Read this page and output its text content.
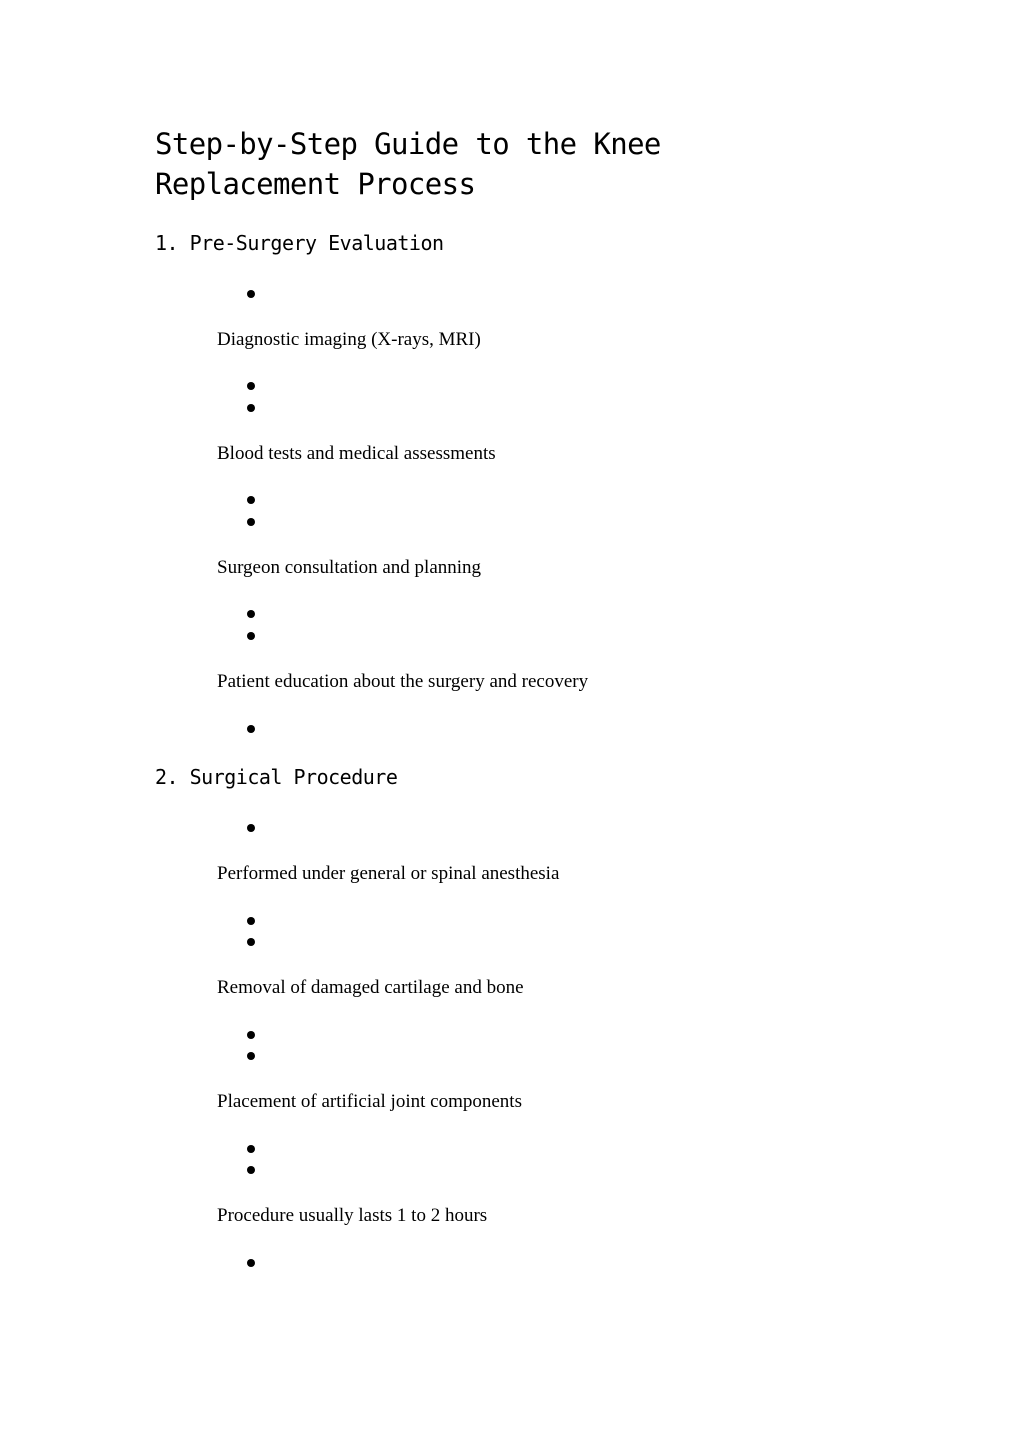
Step-by-Step Guide to the Knee Replacement Process
1. Pre-Surgery Evaluation

Diagnostic imaging (X-rays, MRI)

Blood tests and medical assessments

Surgeon consultation and planning

Patient education about the surgery and recovery

2. Surgical Procedure

Performed under general or spinal anesthesia

Removal of damaged cartilage and bone

Placement of artificial joint components

Procedure usually lasts 1 to 2 hours
